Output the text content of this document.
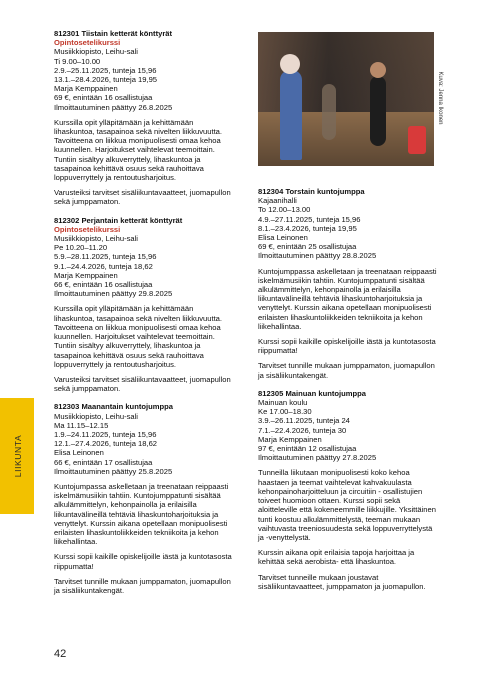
LIIKUNTA
812301 Tiistain ketterät könttyrät
Opintosetelikurssi
Musiikkiopisto, Leihu-sali
Ti 9.00–10.00
2.9.–25.11.2025, tunteja 15,96
13.1.–28.4.2026, tunteja 19,95
Marja Kemppainen
69 €, enintään 16 osallistujaa
Ilmoittautuminen päättyy 26.8.2025
Kurssilla opit ylläpitämään ja kehittämään lihaskuntoa, tasapainoa sekä nivelten liikkuvuutta. Tavoitteena on liikkua monipuolisesti omaa kehoa kuunnellen. Harjoitukset vaihtelevat teemoittain. Tuntiin sisältyy alkuverryttely, lihaskuntoa ja tasapainoa kehittävä osuus sekä rauhoittava loppuverryttely ja rentoutusharjoitus.
Varusteiksi tarvitset sisäliikuntavaatteet, juomapullon sekä jumppamaton.
812302 Perjantain ketterät könttyrät
Opintosetelikurssi
Musiikkiopisto, Leihu-sali
Pe 10.20–11.20
5.9.–28.11.2025, tunteja 15,96
9.1.–24.4.2026, tunteja 18,62
Marja Kemppainen
66 €, enintään 16 osallistujaa
Ilmoittautuminen päättyy 29.8.2025
Kurssilla opit ylläpitämään ja kehittämään lihaskuntoa, tasapainoa sekä nivelten liikkuvuutta. Tavoitteena on liikkua monipuolisesti omaa kehoa kuunnellen. Harjoitukset vaihtelevat teemoittain. Tuntiin sisältyy alkuverryttely, lihaskuntoa ja tasapainoa kehittävä osuus sekä rauhoittava loppuverryttely ja rentoutusharjoitus.
Varusteiksi tarvitset sisäliikuntavaatteet, juomapullon sekä jumppamaton.
812303 Maanantain kuntojumppa
Musiikkiopisto, Leihu-sali
Ma 11.15–12.15
1.9.–24.11.2025, tunteja 15,96
12.1.–27.4.2026, tunteja 18,62
Elisa Leinonen
66 €, enintään 17 osallistujaa
Ilmoittautuminen päättyy 25.8.2025
Kuntojumpassa askelletaan ja treenataan reippaasti iskelmämusiikin tahtiin. Kuntojumppatunti sisältää alkulämmittelyn, kehonpainolla ja erilaisilla liikuntavälineillä tehtäviä lihaskuntoharjoituksia ja venyttelyt. Kurssin aikana opetellaan monipuolisesti erilaisten lihaskuntoliikkeiden tekniikoita ja kehon liikehallintaa.
Kurssi sopii kaikille opiskelijoille iästä ja kuntotasosta riippumatta!
Tarvitset tunnille mukaan jumppamaton, juomapullon ja sisäliikuntakengät.
Kuva: Jenna Ikonen
812304 Torstain kuntojumppa
Kajaanihalli
To 12.00–13.00
4.9.–27.11.2025, tunteja 15,96
8.1.–23.4.2026, tunteja 19,95
Elisa Leinonen
69 €, enintään 25 osallistujaa
Ilmoittautuminen päättyy 28.8.2025
Kuntojumppassa askelletaan ja treenataan reippaasti iskelmämusiikin tahtiin. Kuntojumppatunti sisältää alkulämmittelyn, kehonpainolla ja erilaisilla liikuntavälineillä tehtäviä lihaskuntoharjoituksia ja venyttelyt. Kurssin aikana opetellaan monipuolisesti erilaisten lihaskuntoliikkeiden tekniikoita ja kehon liikehallintaa.
Kurssi sopii kaikille opiskelijoille iästä ja kuntotasosta riippumatta!
Tarvitset tunnille mukaan jumppamaton, juomapullon ja sisäliikuntakengät.
812305 Mainuan kuntojumppa
Mainuan koulu
Ke 17.00–18.30
3.9.–26.11.2025, tunteja 24
7.1.–22.4.2026, tunteja 30
Marja Kemppainen
97 €, enintään 12 osallistujaa
Ilmoittautuminen päättyy 27.8.2025
Tunneilla liikutaan monipuolisesti koko kehoa haastaen ja teemat vaihtelevat kahvakuulasta kehonpainoharjoitteluun ja circuitiin - osallistujien toiveet huomioon ottaen. Kurssi sopii sekä aloitteleville että kokeneemmille liikkujille. Yksittäinen tunti koostuu alkulämmittelystä, teeman mukaan vaihtuvasta treeniosuudesta sekä loppuverryttelystä ja -venyttelystä.
Kurssin aikana opit erilaisia tapoja harjoittaa ja kehittää sekä aerobista- että lihaskuntoa.
Tarvitset tunneille mukaan joustavat sisäliikuntavaatteet, jumppamaton ja juomapullon.
42
